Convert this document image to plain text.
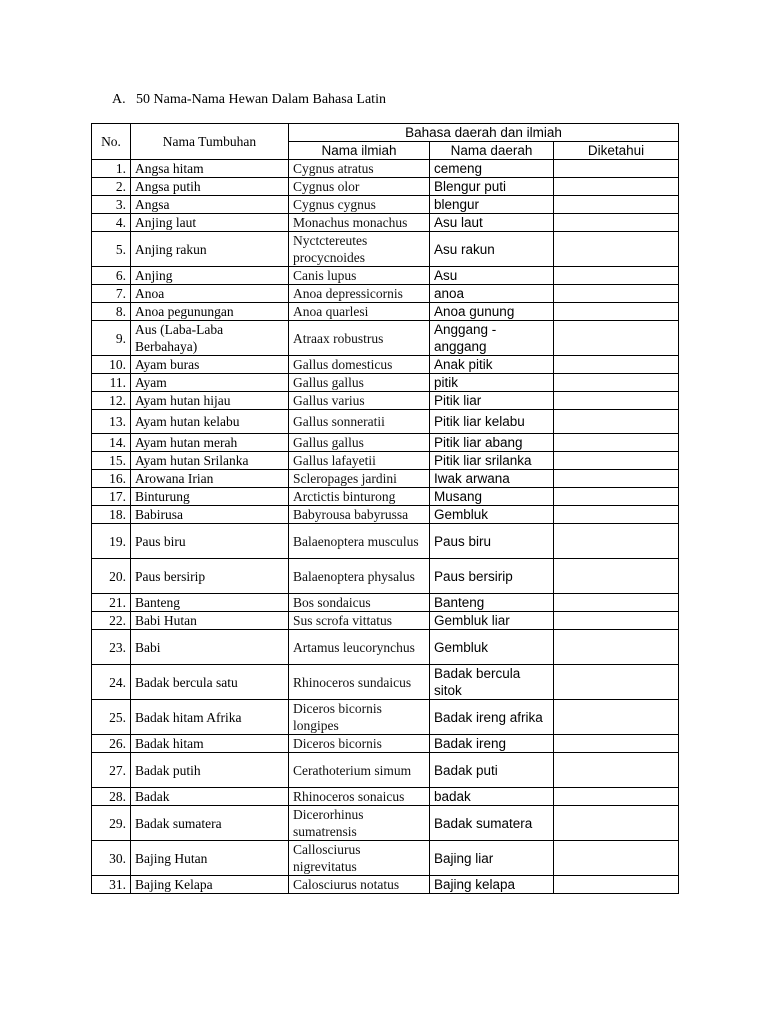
A. 50 Nama-Nama Hewan Dalam Bahasa Latin
No.	Nama Tumbuhan	Bahasa daerah dan ilmiah		
		Nama ilmiah	Nama daerah	Diketahui
1.	Angsa hitam	Cygnus atratus	cemeng	
2.	Angsa putih	Cygnus olor	Blengur puti	
3.	Angsa	Cygnus cygnus	blengur	
4.	Anjing laut	Monachus monachus	Asu laut	
5.	Anjing rakun	Nyctctereutes procycnoides	Asu rakun	
6.	Anjing	Canis lupus	Asu	
7.	Anoa	Anoa depressicornis	anoa	
8.	Anoa pegunungan	Anoa quarlesi	Anoa gunung	
9.	Aus (Laba-Laba Berbahaya)	Atraax robustrus	Anggang - anggang	
10.	Ayam buras	Gallus domesticus	Anak pitik	
11.	Ayam	Gallus gallus	pitik	
12.	Ayam hutan hijau	Gallus varius	Pitik liar	
13.	Ayam hutan kelabu	Gallus sonneratii	Pitik liar kelabu	
14.	Ayam hutan merah	Gallus gallus	Pitik liar abang	
15.	Ayam hutan Srilanka	Gallus lafayetii	Pitik liar srilanka	
16.	Arowana Irian	Scleropages jardini	Iwak arwana	
17.	Binturung	Arctictis binturong	Musang	
18.	Babirusa	Babyrousa babyrussa	Gembluk	
19.	Paus biru	Balaenoptera musculus	Paus biru	
20.	Paus bersirip	Balaenoptera physalus	Paus bersirip	
21.	Banteng	Bos sondaicus	Banteng	
22.	Babi Hutan	Sus scrofa vittatus	Gembluk liar	
23.	Babi	Artamus leucorynchus	Gembluk	
24.	Badak bercula satu	Rhinoceros sundaicus	Badak bercula sitok	
25.	Badak hitam Afrika	Diceros bicornis longipes	Badak ireng afrika	
26.	Badak hitam	Diceros bicornis	Badak ireng	
27.	Badak putih	Cerathoterium simum	Badak puti	
28.	Badak	Rhinoceros sonaicus	badak	
29.	Badak sumatera	Dicerorhinus sumatrensis	Badak sumatera	
30.	Bajing Hutan	Callosciurus nigrevitatus	Bajing liar	
31.	Bajing Kelapa	Calosciurus notatus	Bajing kelapa	
